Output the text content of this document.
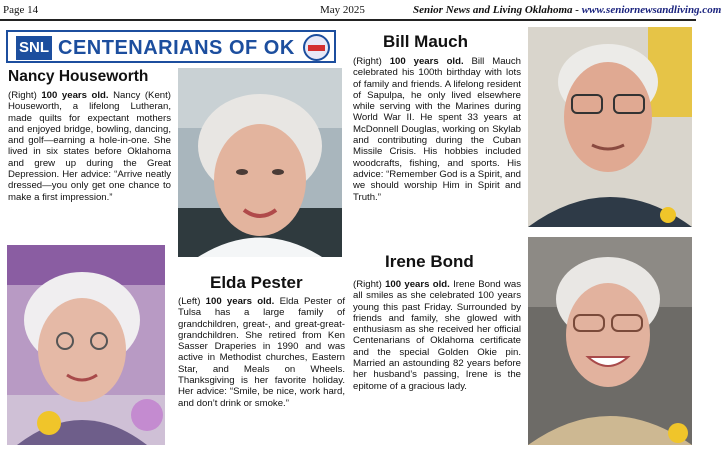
Page 14	May 2025	Senior News and Living Oklahoma - www.seniornewsandliving.com
SNL CENTENARIANS OF OK
Nancy Houseworth
(Right) 100 years old. Nancy (Kent) Houseworth, a lifelong Lutheran, made quilts for expectant mothers and enjoyed bridge, bowling, dancing, and golf—earning a hole-in-one. She lived in six states before Oklahoma and grew up during the Great Depression. Her advice: “Arrive neatly dressed—you only get one chance to make a first impression.”
Bill Mauch
(Right) 100 years old. Bill Mauch celebrated his 100th birthday with lots of family and friends. A lifelong resident of Sapulpa, he only lived elsewhere while serving with the Marines during World War II. He spent 33 years at McDonnell Douglas, working on Skylab and contributing during the Cuban Missile Crisis. His hobbies included woodcrafts, fishing, and sports. His advice: “Remember God is a Spirit, and we should worship Him in Spirit and Truth.”
Elda Pester
(Left) 100 years old. Elda Pester of Tulsa has a large family of grandchildren, great-, and great-great-grandchildren. She retired from Ken Sasser Draperies in 1990 and was active in Methodist churches, Eastern Star, and Meals on Wheels. Thanksgiving is her favorite holiday. Her advice: “Smile, be nice, work hard, and don’t drink or smoke.”
Irene Bond
(Right) 100 years old. Irene Bond was all smiles as she celebrated 100 years young this past Friday. Surrounded by friends and family, she glowed with enthusiasm as she received her official Centenarians of Oklahoma certificate and the special Golden Okie pin. Married an astounding 82 years before her husband’s passing, Irene is the epitome of a gracious lady.
